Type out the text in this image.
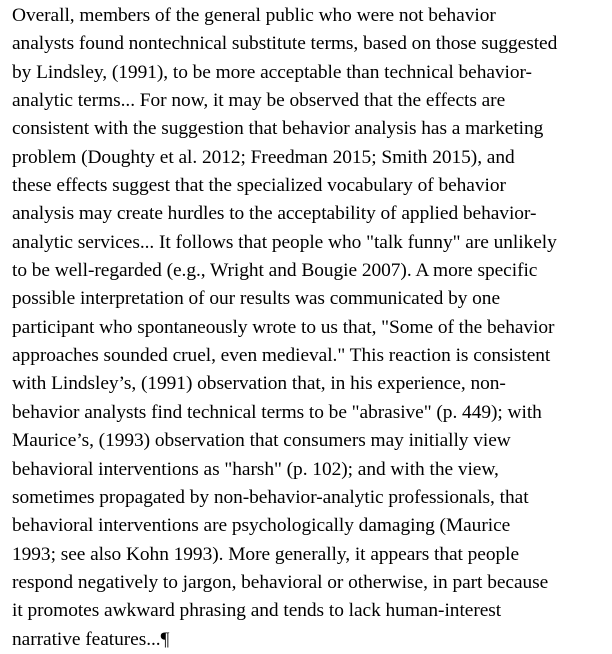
Overall, members of the general public who were not behavior
analysts found nontechnical substitute terms, based on those suggested
by Lindsley, (1991), to be more acceptable than technical behavior-
analytic terms... For now, it may be observed that the effects are
consistent with the suggestion that behavior analysis has a marketing
problem (Doughty et al. 2012; Freedman 2015; Smith 2015), and
these effects suggest that the specialized vocabulary of behavior
analysis may create hurdles to the acceptability of applied behavior-
analytic services... It follows that people who "talk funny" are unlikely
to be well-regarded (e.g., Wright and Bougie 2007). A more specific
possible interpretation of our results was communicated by one
participant who spontaneously wrote to us that, "Some of the behavior
approaches sounded cruel, even medieval." This reaction is consistent
with Lindsley’s, (1991) observation that, in his experience, non-
behavior analysts find technical terms to be "abrasive" (p. 449); with
Maurice’s, (1993) observation that consumers may initially view
behavioral interventions as "harsh" (p. 102); and with the view,
sometimes propagated by non-behavior-analytic professionals, that
behavioral interventions are psychologically damaging (Maurice
1993; see also Kohn 1993). More generally, it appears that people
respond negatively to jargon, behavioral or otherwise, in part because
it promotes awkward phrasing and tends to lack human-interest
narrative features...¶
